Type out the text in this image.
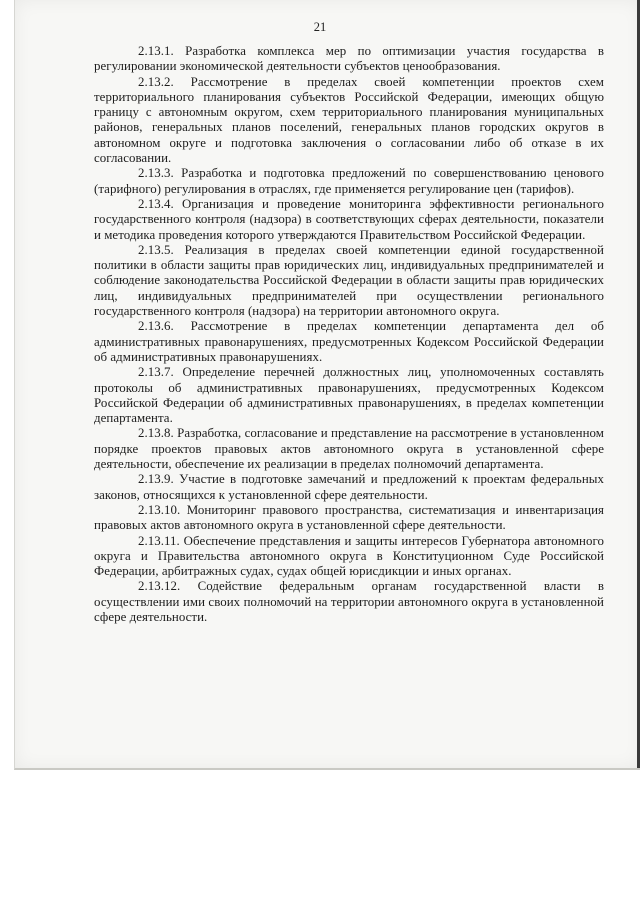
21

2.13.1. Разработка комплекса мер по оптимизации участия государства в регулировании экономической деятельности субъектов ценообразования.

2.13.2. Рассмотрение в пределах своей компетенции проектов схем территориального планирования субъектов Российской Федерации, имеющих общую границу с автономным округом, схем территориального планирования муниципальных районов, генеральных планов поселений, генеральных планов городских округов в автономном округе и подготовка заключения о согласовании либо об отказе в их согласовании.

2.13.3. Разработка и подготовка предложений по совершенствованию ценового (тарифного) регулирования в отраслях, где применяется регулирование цен (тарифов).

2.13.4. Организация и проведение мониторинга эффективности регионального государственного контроля (надзора) в соответствующих сферах деятельности, показатели и методика проведения которого утверждаются Правительством Российской Федерации.

2.13.5. Реализация в пределах своей компетенции единой государственной политики в области защиты прав юридических лиц, индивидуальных предпринимателей и соблюдение законодательства Российской Федерации в области защиты прав юридических лиц, индивидуальных предпринимателей при осуществлении регионального государственного контроля (надзора) на территории автономного округа.

2.13.6. Рассмотрение в пределах компетенции департамента дел об административных правонарушениях, предусмотренных Кодексом Российской Федерации об административных правонарушениях.

2.13.7. Определение перечней должностных лиц, уполномоченных составлять протоколы об административных правонарушениях, предусмотренных Кодексом Российской Федерации об административных правонарушениях, в пределах компетенции департамента.

2.13.8. Разработка, согласование и представление на рассмотрение в установленном порядке проектов правовых актов автономного округа в установленной сфере деятельности, обеспечение их реализации в пределах полномочий департамента.

2.13.9. Участие в подготовке замечаний и предложений к проектам федеральных законов, относящихся к установленной сфере деятельности.

2.13.10. Мониторинг правового пространства, систематизация и инвентаризация правовых актов автономного округа в установленной сфере деятельности.

2.13.11. Обеспечение представления и защиты интересов Губернатора автономного округа и Правительства автономного округа в Конституционном Суде Российской Федерации, арбитражных судах, судах общей юрисдикции и иных органах.

2.13.12. Содействие федеральным органам государственной власти в осуществлении ими своих полномочий на территории автономного округа в установленной сфере деятельности.
